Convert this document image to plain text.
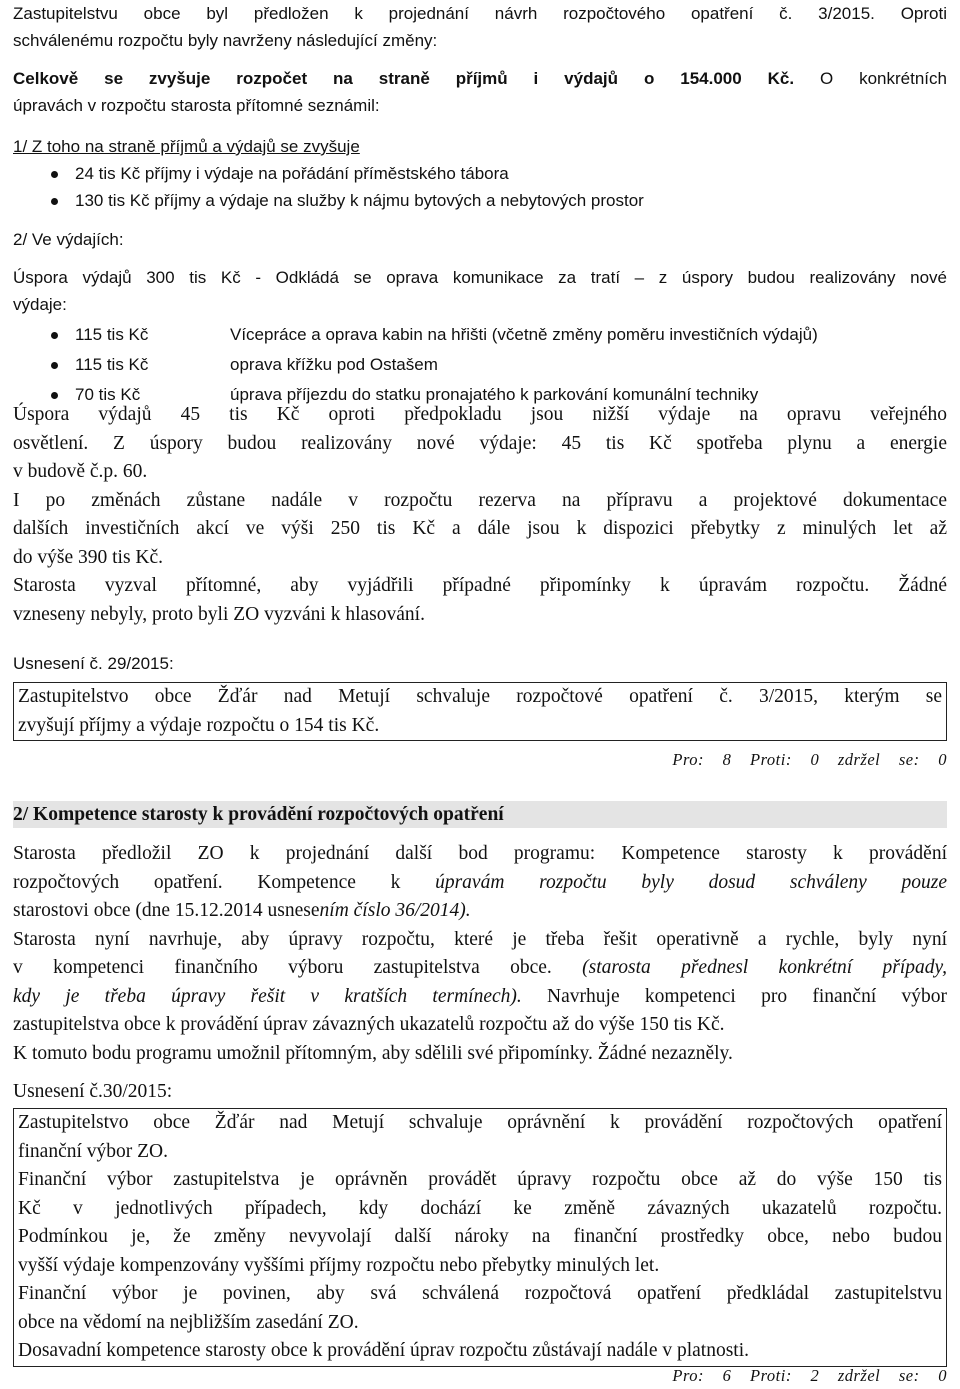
Zastupitelstvu obce byl předložen k projednání návrh rozpočtového opatření č. 3/2015. Oproti
schválenému rozpočtu byly navrženy následující změny:
Celkově se zvyšuje rozpočet na straně příjmů i výdajů o 154.000 Kč. O konkrétních
úpravách v rozpočtu starosta přítomné seznámil:
1/ Z toho na straně příjmů a výdajů se zvyšuje
24 tis Kč příjmy i výdaje na pořádání příměstského tábora
130 tis Kč příjmy a výdaje na služby k nájmu bytových a nebytových prostor
2/ Ve výdajích:
Úspora výdajů 300 tis Kč - Odkládá se oprava komunikace za tratí – z úspory budou realizovány nové
výdaje:
115 tis Kč	Vícepráce a oprava kabin na hřišti (včetně změny poměru investičních výdajů)
115 tis Kč	oprava křížku pod Ostašem
70 tis Kč	úprava příjezdu do statku pronajatého k parkování komunální techniky
Úspora výdajů 45 tis Kč oproti předpokladu jsou nižší výdaje na opravu veřejného
osvětlení. Z úspory budou realizovány nové výdaje: 45 tis Kč spotřeba plynu a energie
v budově č.p. 60.
I po změnách zůstane nadále v rozpočtu rezerva na přípravu a projektové dokumentace
dalších investičních akcí ve výši 250 tis Kč a dále jsou k dispozici přebytky z minulých let až
do výše 390 tis Kč.
Starosta vyzval přítomné, aby vyjádřili případné připomínky k úpravám rozpočtu. Žádné
vzneseny nebyly, proto byli ZO vyzváni k hlasování.
Usnesení č. 29/2015:
Zastupitelstvo obce Žďár nad Metují schvaluje rozpočtové opatření č. 3/2015, kterým se
zvyšují příjmy a výdaje rozpočtu o 154 tis Kč.
Pro: 8 Proti: 0 zdržel se: 0
2/ Kompetence starosty k provádění rozpočtových opatření
Starosta předložil ZO k projednání další bod programu: Kompetence starosty k provádění
rozpočtových opatření. Kompetence k úpravám rozpočtu byly dosud schváleny pouze
starostovi obce (dne 15.12.2014 usnesením číslo 36/2014).
Starosta nyní navrhuje, aby úpravy rozpočtu, které je třeba řešit operativně a rychle, byly nyní
v kompetenci finančního výboru zastupitelstva obce. (starosta přednesl konkrétní případy,
kdy je třeba úpravy řešit v kratších termínech). Navrhuje kompetenci pro finanční výbor
zastupitelstva obce k provádění úprav závazných ukazatelů rozpočtu až do výše 150 tis Kč.
K tomuto bodu programu umožnil přítomným, aby sdělili své připomínky. Žádné nezazněly.
Usnesení č.30/2015:
Zastupitelstvo obce Žďár nad Metují schvaluje oprávnění k provádění rozpočtových opatření
finanční výbor ZO.
Finanční výbor zastupitelstva je oprávněn provádět úpravy rozpočtu obce až do výše 150 tis
Kč v jednotlivých případech, kdy dochází ke změně závazných ukazatelů rozpočtu.
Podmínkou je, že změny nevyvolají další nároky na finanční prostředky obce, nebo budou
vyšší výdaje kompenzovány vyššími příjmy rozpočtu nebo přebytky minulých let.
Finanční výbor je povinen, aby svá schválená rozpočtová opatření předkládal zastupitelstvu
obce na vědomí na nejbližším zasedání ZO.
Dosavadní kompetence starosty obce k provádění úprav rozpočtu zůstávají nadále v platnosti.
Pro: 6 Proti: 2 zdržel se: 0
